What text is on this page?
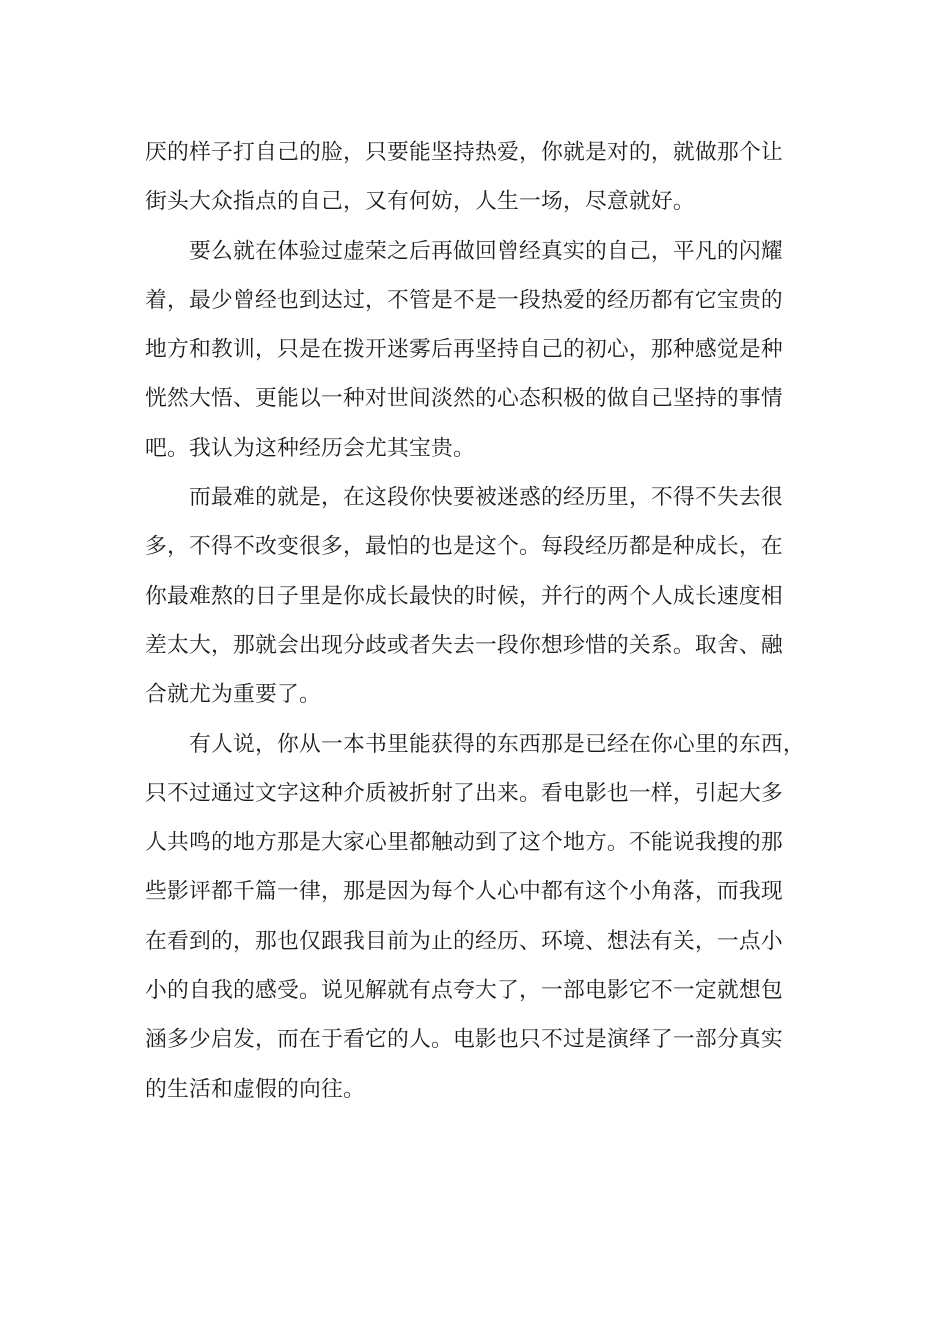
厌的样子打自己的脸，只要能坚持热爱，你就是对的，就做那个让
街头大众指点的自己，又有何妨，人生一场，尽意就好。
要么就在体验过虚荣之后再做回曾经真实的自己，平凡的闪耀
着，最少曾经也到达过，不管是不是一段热爱的经历都有它宝贵的
地方和教训，只是在拨开迷雾后再坚持自己的初心，那种感觉是种
恍然大悟、更能以一种对世间淡然的心态积极的做自己坚持的事情
吧。我认为这种经历会尤其宝贵。
而最难的就是，在这段你快要被迷惑的经历里，不得不失去很
多，不得不改变很多，最怕的也是这个。每段经历都是种成长，在
你最难熬的日子里是你成长最快的时候，并行的两个人成长速度相
差太大，那就会出现分歧或者失去一段你想珍惜的关系。取舍、融
合就尤为重要了。
有人说，你从一本书里能获得的东西那是已经在你心里的东西，
只不过通过文字这种介质被折射了出来。看电影也一样，引起大多
人共鸣的地方那是大家心里都触动到了这个地方。不能说我搜的那
些影评都千篇一律，那是因为每个人心中都有这个小角落，而我现
在看到的，那也仅跟我目前为止的经历、环境、想法有关，一点小
小的自我的感受。说见解就有点夸大了，一部电影它不一定就想包
涵多少启发，而在于看它的人。电影也只不过是演绎了一部分真实
的生活和虚假的向往。
